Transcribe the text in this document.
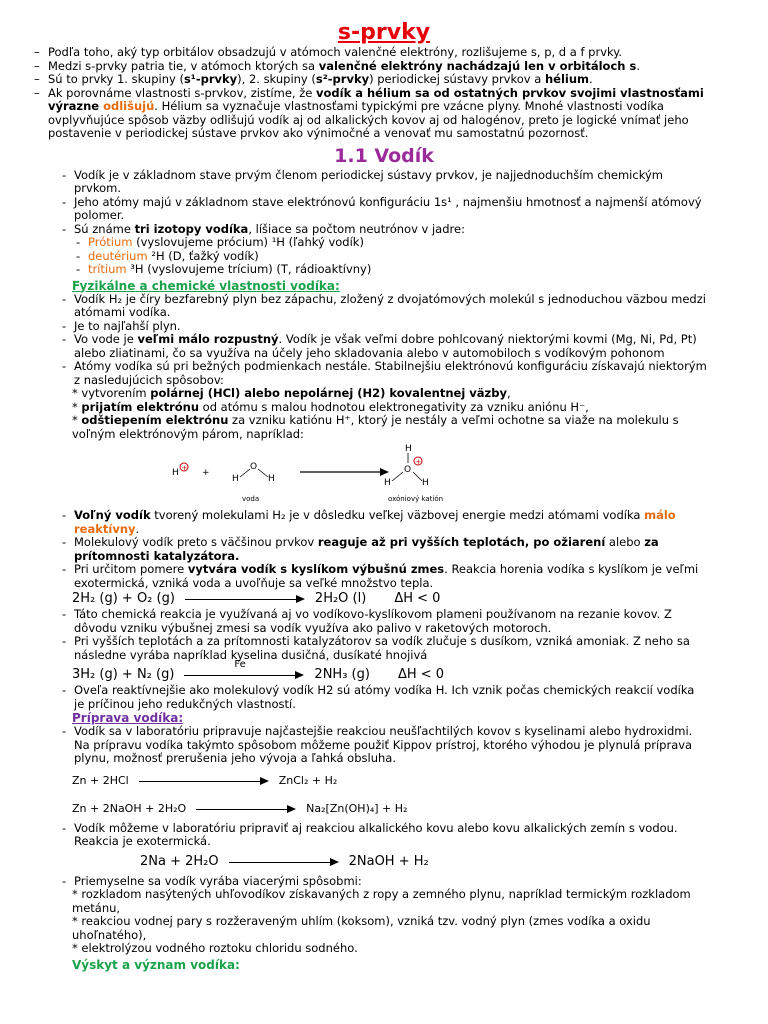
s-prvky
– Podľa toho, aký typ orbitálov obsadzujú v atómoch valenčné elektróny, rozlišujeme s, p, d a f prvky.
– Medzi s-prvky patria tie, v atómoch ktorých sa valenčné elektróny nachádzajú len v orbitáloch s.
– Sú to prvky 1. skupiny (s¹-prvky), 2. skupiny (s²-prvky) periodickej sústavy prvkov a hélium.
– Ak porovnáme vlastnosti s-prvkov, zistíme, že vodík a hélium sa od ostatných prvkov svojimi vlastnosťami výrazne odlišujú. Hélium sa vyznačuje vlastnosťami typickými pre vzácne plyny. Mnohé vlastnosti vodíka ovplyvňujúce spôsob väzby odlišujú vodík aj od alkalických kovov aj od halogénov, preto je logické vnímať jeho postavenie v periodickej sústave prvkov ako výnimočné a venovať mu samostatnú pozornosť.
1.1 Vodík
- Vodík je v základnom stave prvým členom periodickej sústavy prvkov, je najjednoduchším chemickým prvkom.
- Jeho atómy majú v základnom stave elektrónovú konfiguráciu 1s¹ , najmenšiu hmotnosť a najmenší atómový polomer.
- Sú známe tri izotopy vodíka, líšiace sa počtom neutrónov v jadre:
- Prótium (vyslovujeme prócium) ¹H (ľahký vodík)
- deutérium ²H (D, ťažký vodík)
- trítium ³H (vyslovujeme trícium) (T, rádioaktívny)
Fyzikálne a chemické vlastnosti vodíka:
- Vodík H₂ je číry bezfarebný plyn bez zápachu, zložený z dvojatómových molekúl s jednoduchou väzbou medzi atómami vodíka.
- Je to najľahší plyn.
- Vo vode je veľmi málo rozpustný. Vodík je však veľmi dobre pohlcovaný niektorými kovmi (Mg, Ni, Pd, Pt) alebo zliatinami, čo sa využíva na účely jeho skladovania alebo v automobiloch s vodíkovým pohonom
- Atómy vodíka sú pri bežných podmienkach nestále. Stabilnejšiu elektrónovú konfiguráciu získavajú niektorým z nasledujúcich spôsobov:
* vytvorením polárnej (HCl) alebo nepolárnej (H2) kovalentnej väzby,
* prijatím elektrónu od atómu s malou hodnotou elektronegativity za vzniku aniónu H⁻,
* odštiepením elektrónu za vzniku katiónu H⁺, ktorý je nestály a veľmi ochotne sa viaže na molekulu s voľným elektrónovým párom, napríklad:
H + +
H
O
H
voda
H
O
+
H	H
oxóniový katión
- Voľný vodík tvorený molekulami H₂ je v dôsledku veľkej väzbovej energie medzi atómami vodíka málo reaktívny.
- Molekulový vodík preto s väčšinou prvkov reaguje až pri vyšších teplotách, po ožiarení alebo za prítomnosti katalyzátora.
- Pri určitom pomere vytvára vodík s kyslíkom výbušnú zmes. Reakcia horenia vodíka s kyslíkom je veľmi exotermická, vzniká voda a uvoľňuje sa veľké množstvo tepla.
2H₂ (g) + O₂ (g)	2H₂O (l) ΔH < 0
- Táto chemická reakcia je využívaná aj vo vodíkovo-kyslíkovom plameni používanom na rezanie kovov. Z dôvodu vzniku výbušnej zmesi sa vodík využíva ako palivo v raketových motoroch.
- Pri vyšších teplotách a za prítomnosti katalyzátorov sa vodík zlučuje s dusíkom, vzniká amoniak. Z neho sa následne vyrába napríklad kyselina dusičná, dusíkaté hnojivá
3H₂ (g) + N₂ (g)
Fe
2NH₃ (g) ΔH < 0
- Oveľa reaktívnejšie ako molekulový vodík H2 sú atómy vodíka H. Ich vznik počas chemických reakcií vodíka je príčinou jeho redukčných vlastností.
Príprava vodíka:
- Vodík sa v laboratóriu pripravuje najčastejšie reakciou neušľachtilých kovov s kyselinami alebo hydroxidmi. Na prípravu vodíka takýmto spôsobom môžeme použiť Kippov prístroj, ktorého výhodou je plynulá príprava plynu, možnosť prerušenia jeho vývoja a ľahká obsluha.
Zn + 2HCl	ZnCl₂ + H₂
Zn + 2NaOH + 2H₂O	Na₂[Zn(OH)₄] + H₂
- Vodík môžeme v laboratóriu pripraviť aj reakciou alkalického kovu alebo kovu alkalických zemín s vodou. Reakcia je exotermická.
2Na + 2H₂O	2NaOH + H₂
- Priemyselne sa vodík vyrába viacerými spôsobmi:
* rozkladom nasýtených uhľovodíkov získavaných z ropy a zemného plynu, napríklad termickým rozkladom metánu,
* reakciou vodnej pary s rozžeraveným uhlím (koksom), vzniká tzv. vodný plyn (zmes vodíka a oxidu uhoľnatého),
* elektrolýzou vodného roztoku chloridu sodného.
Výskyt a význam vodíka:
